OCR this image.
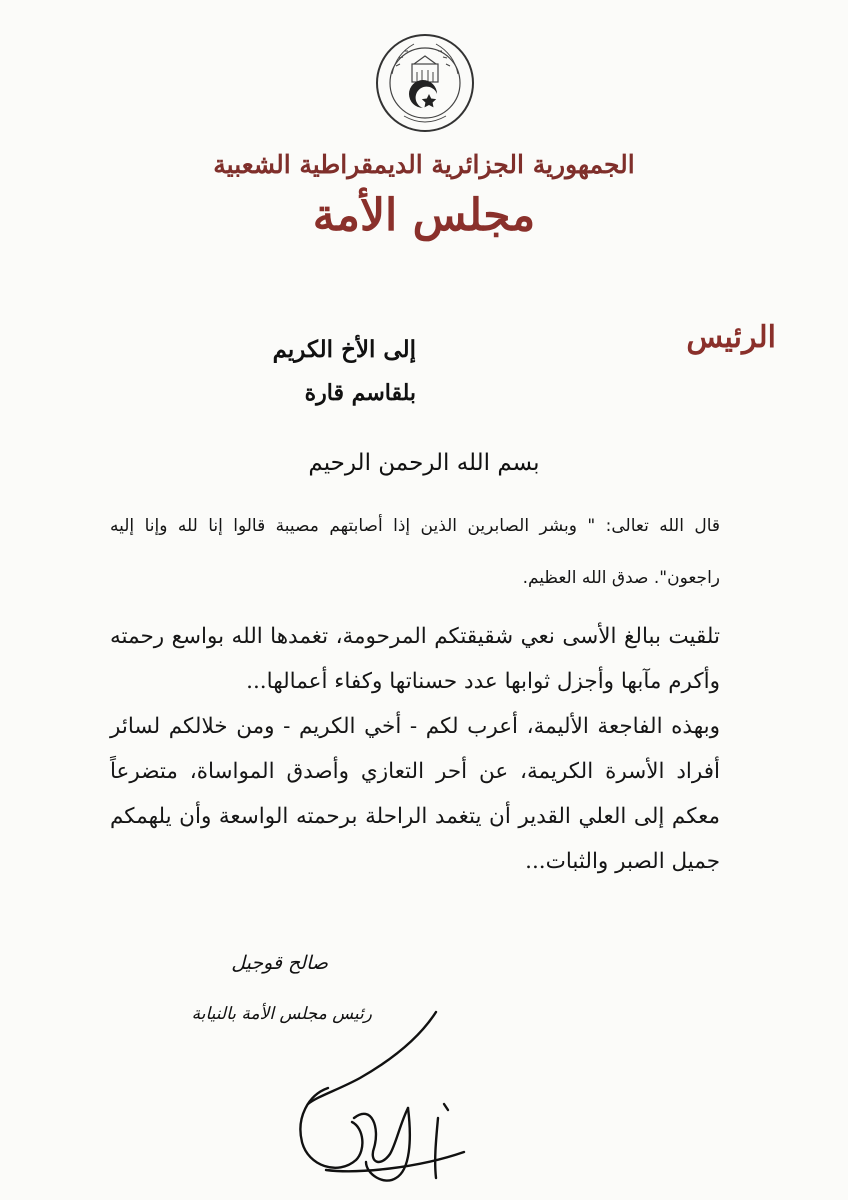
الجمهورية الجزائرية الديمقراطية الشعبية
مجلس الأمة
الرئيس
إلى الأخ الكريم
بلقاسم قارة
بسم الله الرحمن الرحيم
قال الله تعالى: " وبشر الصابرين الذين إذا أصابتهم مصيبة قالوا إنا لله وإنا إليه راجعون". صدق الله العظيم.

تلقيت ببالغ الأسى نعي شقيقتكم المرحومة، تغمدها الله بواسع رحمته وأكرم مآبها وأجزل ثوابها عدد حسناتها وكفاء أعمالها...

وبهذه الفاجعة الأليمة، أعرب لكم - أخي الكريم - ومن خلالكم لسائر أفراد الأسرة الكريمة، عن أحر التعازي وأصدق المواساة، متضرعاً معكم إلى العلي القدير أن يتغمد الراحلة برحمته الواسعة وأن يلهمكم جميل الصبر والثبات...

صالح قوجيل
رئيس مجلس الأمة بالنيابة
